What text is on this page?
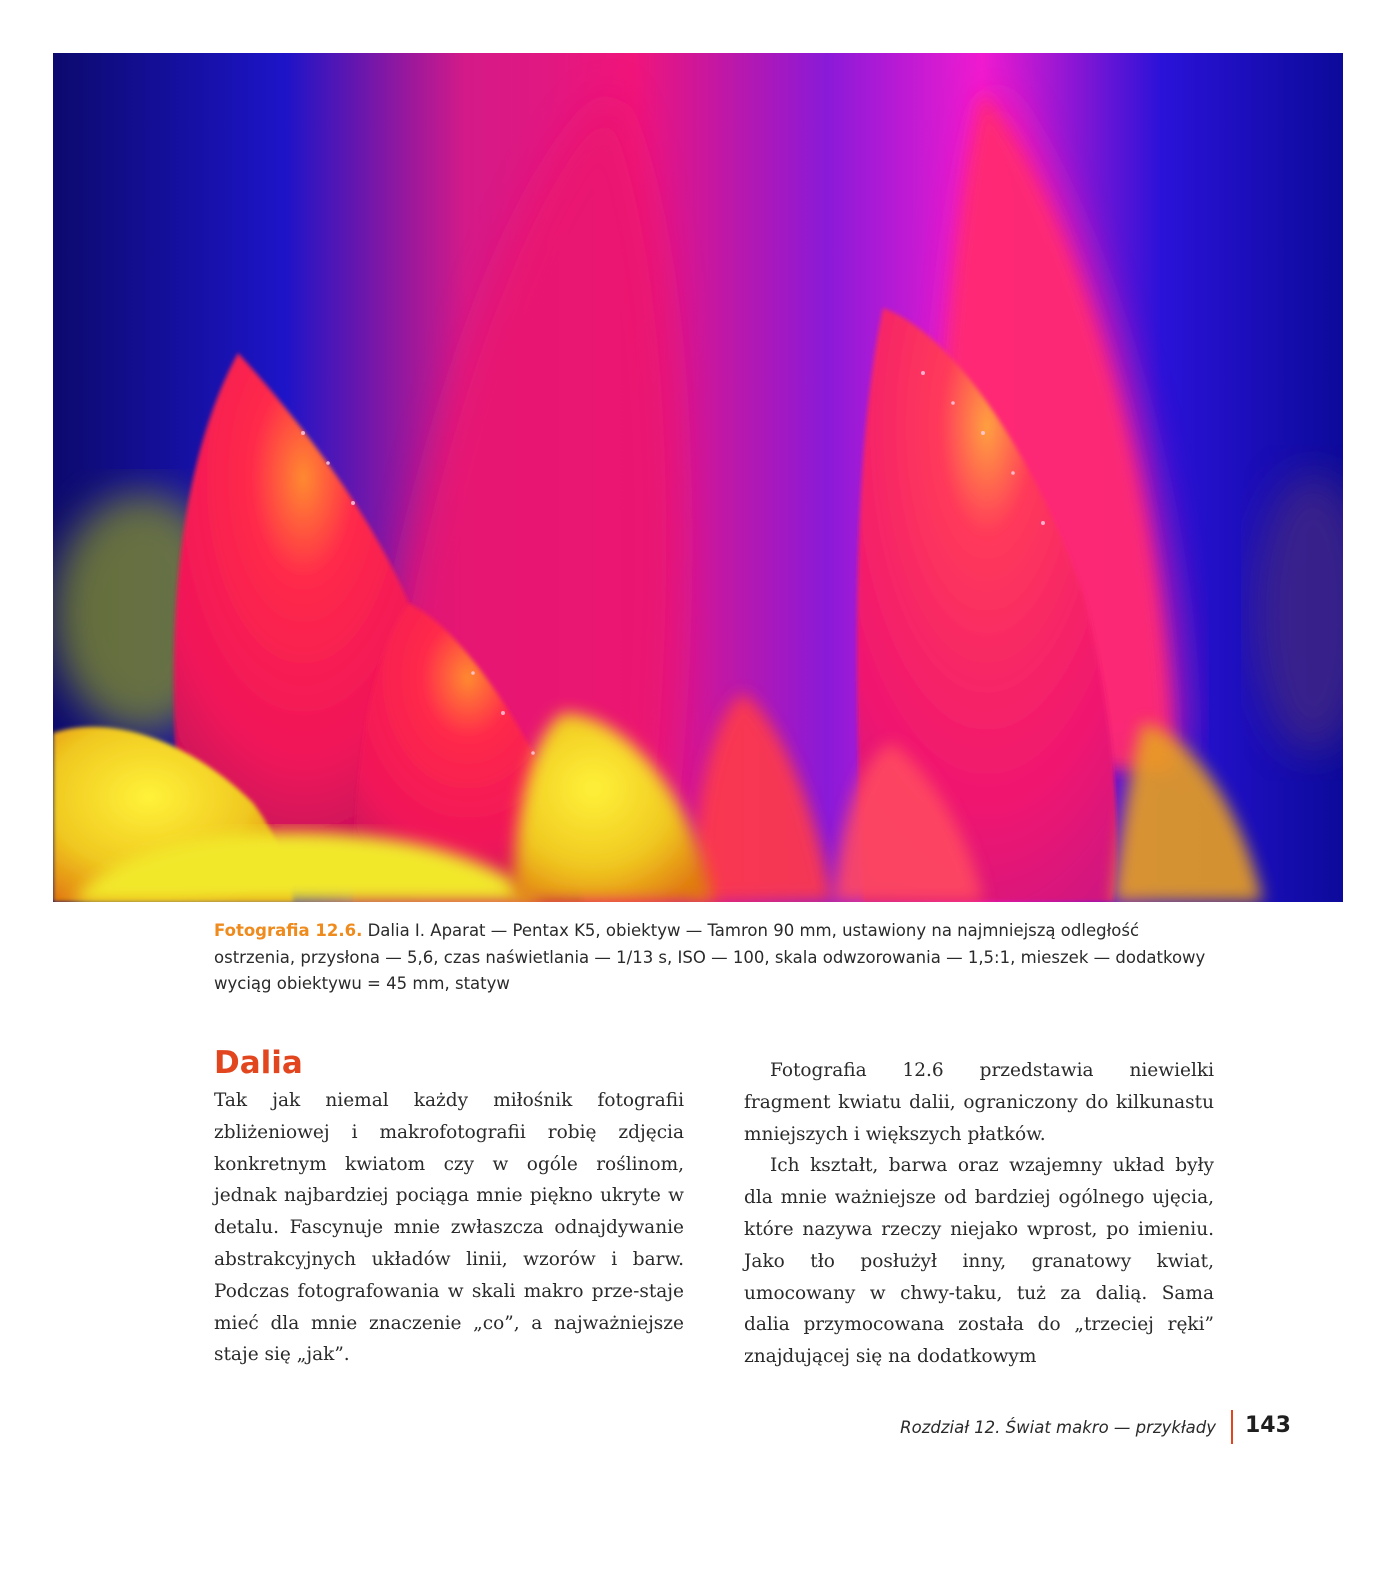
Fotografia 12.6. Dalia I. Aparat — Pentax K5, obiektyw — Tamron 90 mm, ustawiony na najmniejszą odległość ostrzenia, przysłona — 5,6, czas naświetlania — 1/13 s, ISO — 100, skala odwzorowania — 1,5:1, mieszek — dodatkowy wyciąg obiektywu = 45 mm, statyw
Dalia

Tak jak niemal każdy miłośnik fotografii zbliżeniowej i makrofotografii robię zdjęcia konkretnym kwiatom czy w ogóle roślinom, jednak najbardziej pociąga mnie piękno ukryte w detalu. Fascynuje mnie zwłaszcza odnajdywanie abstrakcyjnych układów linii, wzorów i barw. Podczas fotografowania w skali makro prze-staje mieć dla mnie znaczenie „co”, a najważniejsze staje się „jak”.

Fotografia 12.6 przedstawia niewielki fragment kwiatu dalii, ograniczony do kilkunastu mniejszych i większych płatków.

Ich kształt, barwa oraz wzajemny układ były dla mnie ważniejsze od bardziej ogólnego ujęcia, które nazywa rzeczy niejako wprost, po imieniu. Jako tło posłużył inny, granatowy kwiat, umocowany w chwy-taku, tuż za dalią. Sama dalia przymocowana została do „trzeciej ręki” znajdującej się na dodatkowym

Rozdział 12. Świat makro — przykłady 143
